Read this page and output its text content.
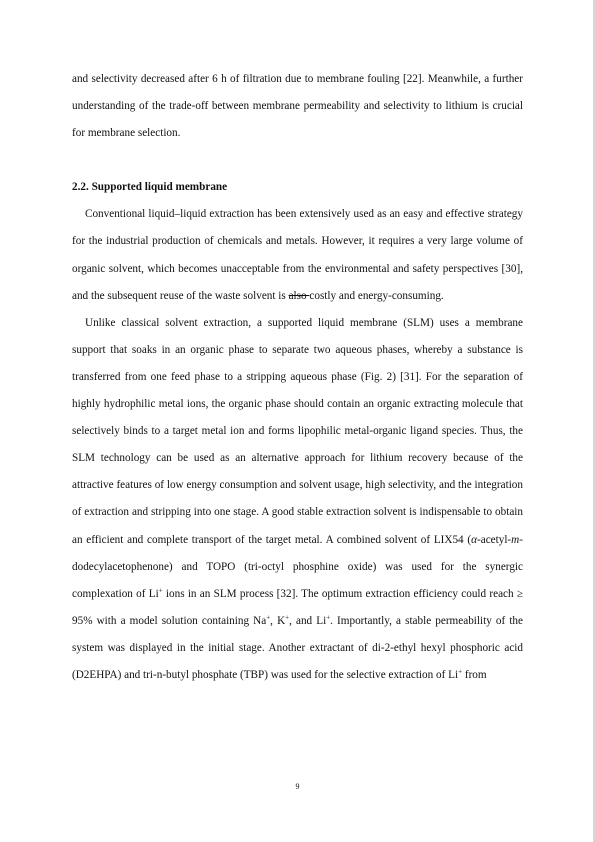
and selectivity decreased after 6 h of filtration due to membrane fouling [22]. Meanwhile, a further understanding of the trade-off between membrane permeability and selectivity to lithium is crucial for membrane selection.

2.2. Supported liquid membrane

Conventional liquid–liquid extraction has been extensively used as an easy and effective strategy for the industrial production of chemicals and metals. However, it requires a very large volume of organic solvent, which becomes unacceptable from the environmental and safety perspectives [30], and the subsequent reuse of the waste solvent is also costly and energy-consuming.

Unlike classical solvent extraction, a supported liquid membrane (SLM) uses a membrane support that soaks in an organic phase to separate two aqueous phases, whereby a substance is transferred from one feed phase to a stripping aqueous phase (Fig. 2) [31]. For the separation of highly hydrophilic metal ions, the organic phase should contain an organic extracting molecule that selectively binds to a target metal ion and forms lipophilic metal-organic ligand species. Thus, the SLM technology can be used as an alternative approach for lithium recovery because of the attractive features of low energy consumption and solvent usage, high selectivity, and the integration of extraction and stripping into one stage. A good stable extraction solvent is indispensable to obtain an efficient and complete transport of the target metal. A combined solvent of LIX54 (α-acetyl-m-dodecylacetophenone) and TOPO (tri-octyl phosphine oxide) was used for the synergic complexation of Li+ ions in an SLM process [32]. The optimum extraction efficiency could reach ≥ 95% with a model solution containing Na+, K+, and Li+. Importantly, a stable permeability of the system was displayed in the initial stage. Another extractant of di-2-ethyl hexyl phosphoric acid (D2EHPA) and tri-n-butyl phosphate (TBP) was used for the selective extraction of Li+ from

9
